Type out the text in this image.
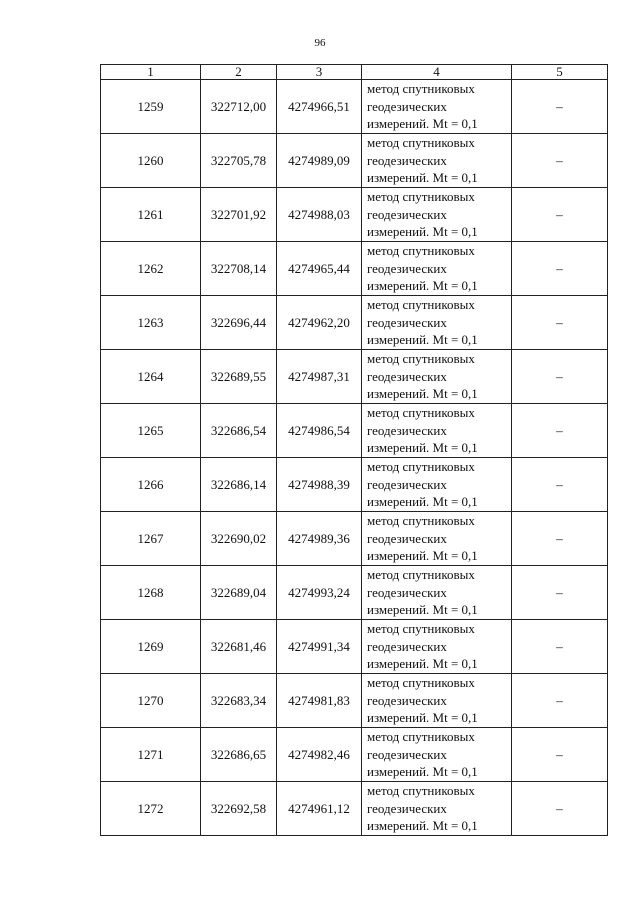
96
1	2	3	4	5
1259	322712,00	4274966,51	метод спутниковых
геодезических
измерений. Mt = 0,1	–
1260	322705,78	4274989,09	метод спутниковых
геодезических
измерений. Mt = 0,1	–
1261	322701,92	4274988,03	метод спутниковых
геодезических
измерений. Mt = 0,1	–
1262	322708,14	4274965,44	метод спутниковых
геодезических
измерений. Mt = 0,1	–
1263	322696,44	4274962,20	метод спутниковых
геодезических
измерений. Mt = 0,1	–
1264	322689,55	4274987,31	метод спутниковых
геодезических
измерений. Mt = 0,1	–
1265	322686,54	4274986,54	метод спутниковых
геодезических
измерений. Mt = 0,1	–
1266	322686,14	4274988,39	метод спутниковых
геодезических
измерений. Mt = 0,1	–
1267	322690,02	4274989,36	метод спутниковых
геодезических
измерений. Mt = 0,1	–
1268	322689,04	4274993,24	метод спутниковых
геодезических
измерений. Mt = 0,1	–
1269	322681,46	4274991,34	метод спутниковых
геодезических
измерений. Mt = 0,1	–
1270	322683,34	4274981,83	метод спутниковых
геодезических
измерений. Mt = 0,1	–
1271	322686,65	4274982,46	метод спутниковых
геодезических
измерений. Mt = 0,1	–
1272	322692,58	4274961,12	метод спутниковых
геодезических
измерений. Mt = 0,1	–
